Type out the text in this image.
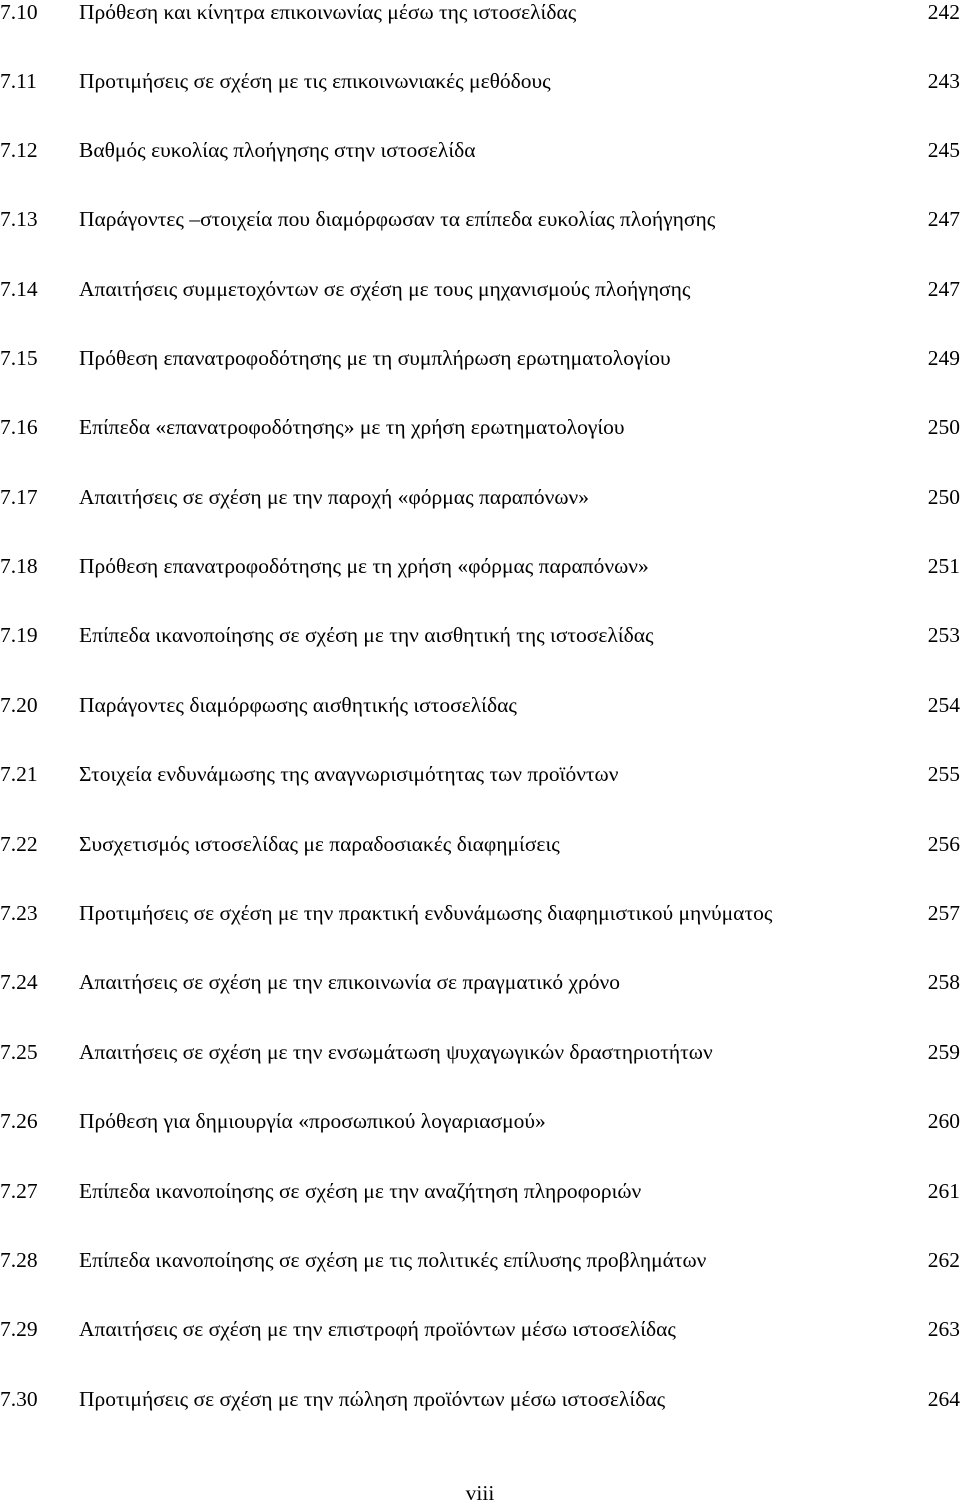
7.10 Πρόθεση και κίνητρα επικοινωνίας μέσω της ιστοσελίδας	242
7.11 Προτιμήσεις σε σχέση με τις επικοινωνιακές μεθόδους	243
7.12 Βαθμός ευκολίας πλοήγησης στην ιστοσελίδα	245
7.13 Παράγοντες –στοιχεία που διαμόρφωσαν τα επίπεδα ευκολίας πλοήγησης	247
7.14 Απαιτήσεις συμμετοχόντων σε σχέση με τους μηχανισμούς πλοήγησης	247
7.15 Πρόθεση επανατροφοδότησης με τη συμπλήρωση ερωτηματολογίου	249
7.16 Επίπεδα «επανατροφοδότησης» με τη χρήση ερωτηματολογίου	250
7.17 Απαιτήσεις σε σχέση με την παροχή «φόρμας παραπόνων»	250
7.18 Πρόθεση επανατροφοδότησης με τη χρήση «φόρμας παραπόνων»	251
7.19 Επίπεδα ικανοποίησης σε σχέση με την αισθητική της ιστοσελίδας	253
7.20 Παράγοντες διαμόρφωσης αισθητικής ιστοσελίδας	254
7.21 Στοιχεία ενδυνάμωσης της αναγνωρισιμότητας των προϊόντων	255
7.22 Συσχετισμός ιστοσελίδας με παραδοσιακές διαφημίσεις	256
7.23 Προτιμήσεις σε σχέση με την πρακτική ενδυνάμωσης διαφημιστικού μηνύματος	257
7.24 Απαιτήσεις σε σχέση με την επικοινωνία σε πραγματικό χρόνο	258
7.25 Απαιτήσεις σε σχέση με την ενσωμάτωση ψυχαγωγικών δραστηριοτήτων	259
7.26 Πρόθεση για δημιουργία «προσωπικού λογαριασμού»	260
7.27 Επίπεδα ικανοποίησης σε σχέση με την αναζήτηση πληροφοριών	261
7.28 Επίπεδα ικανοποίησης σε σχέση με τις πολιτικές επίλυσης προβλημάτων	262
7.29 Απαιτήσεις σε σχέση με την επιστροφή προϊόντων μέσω ιστοσελίδας	263
7.30 Προτιμήσεις σε σχέση με την πώληση προϊόντων μέσω ιστοσελίδας	264
viii
